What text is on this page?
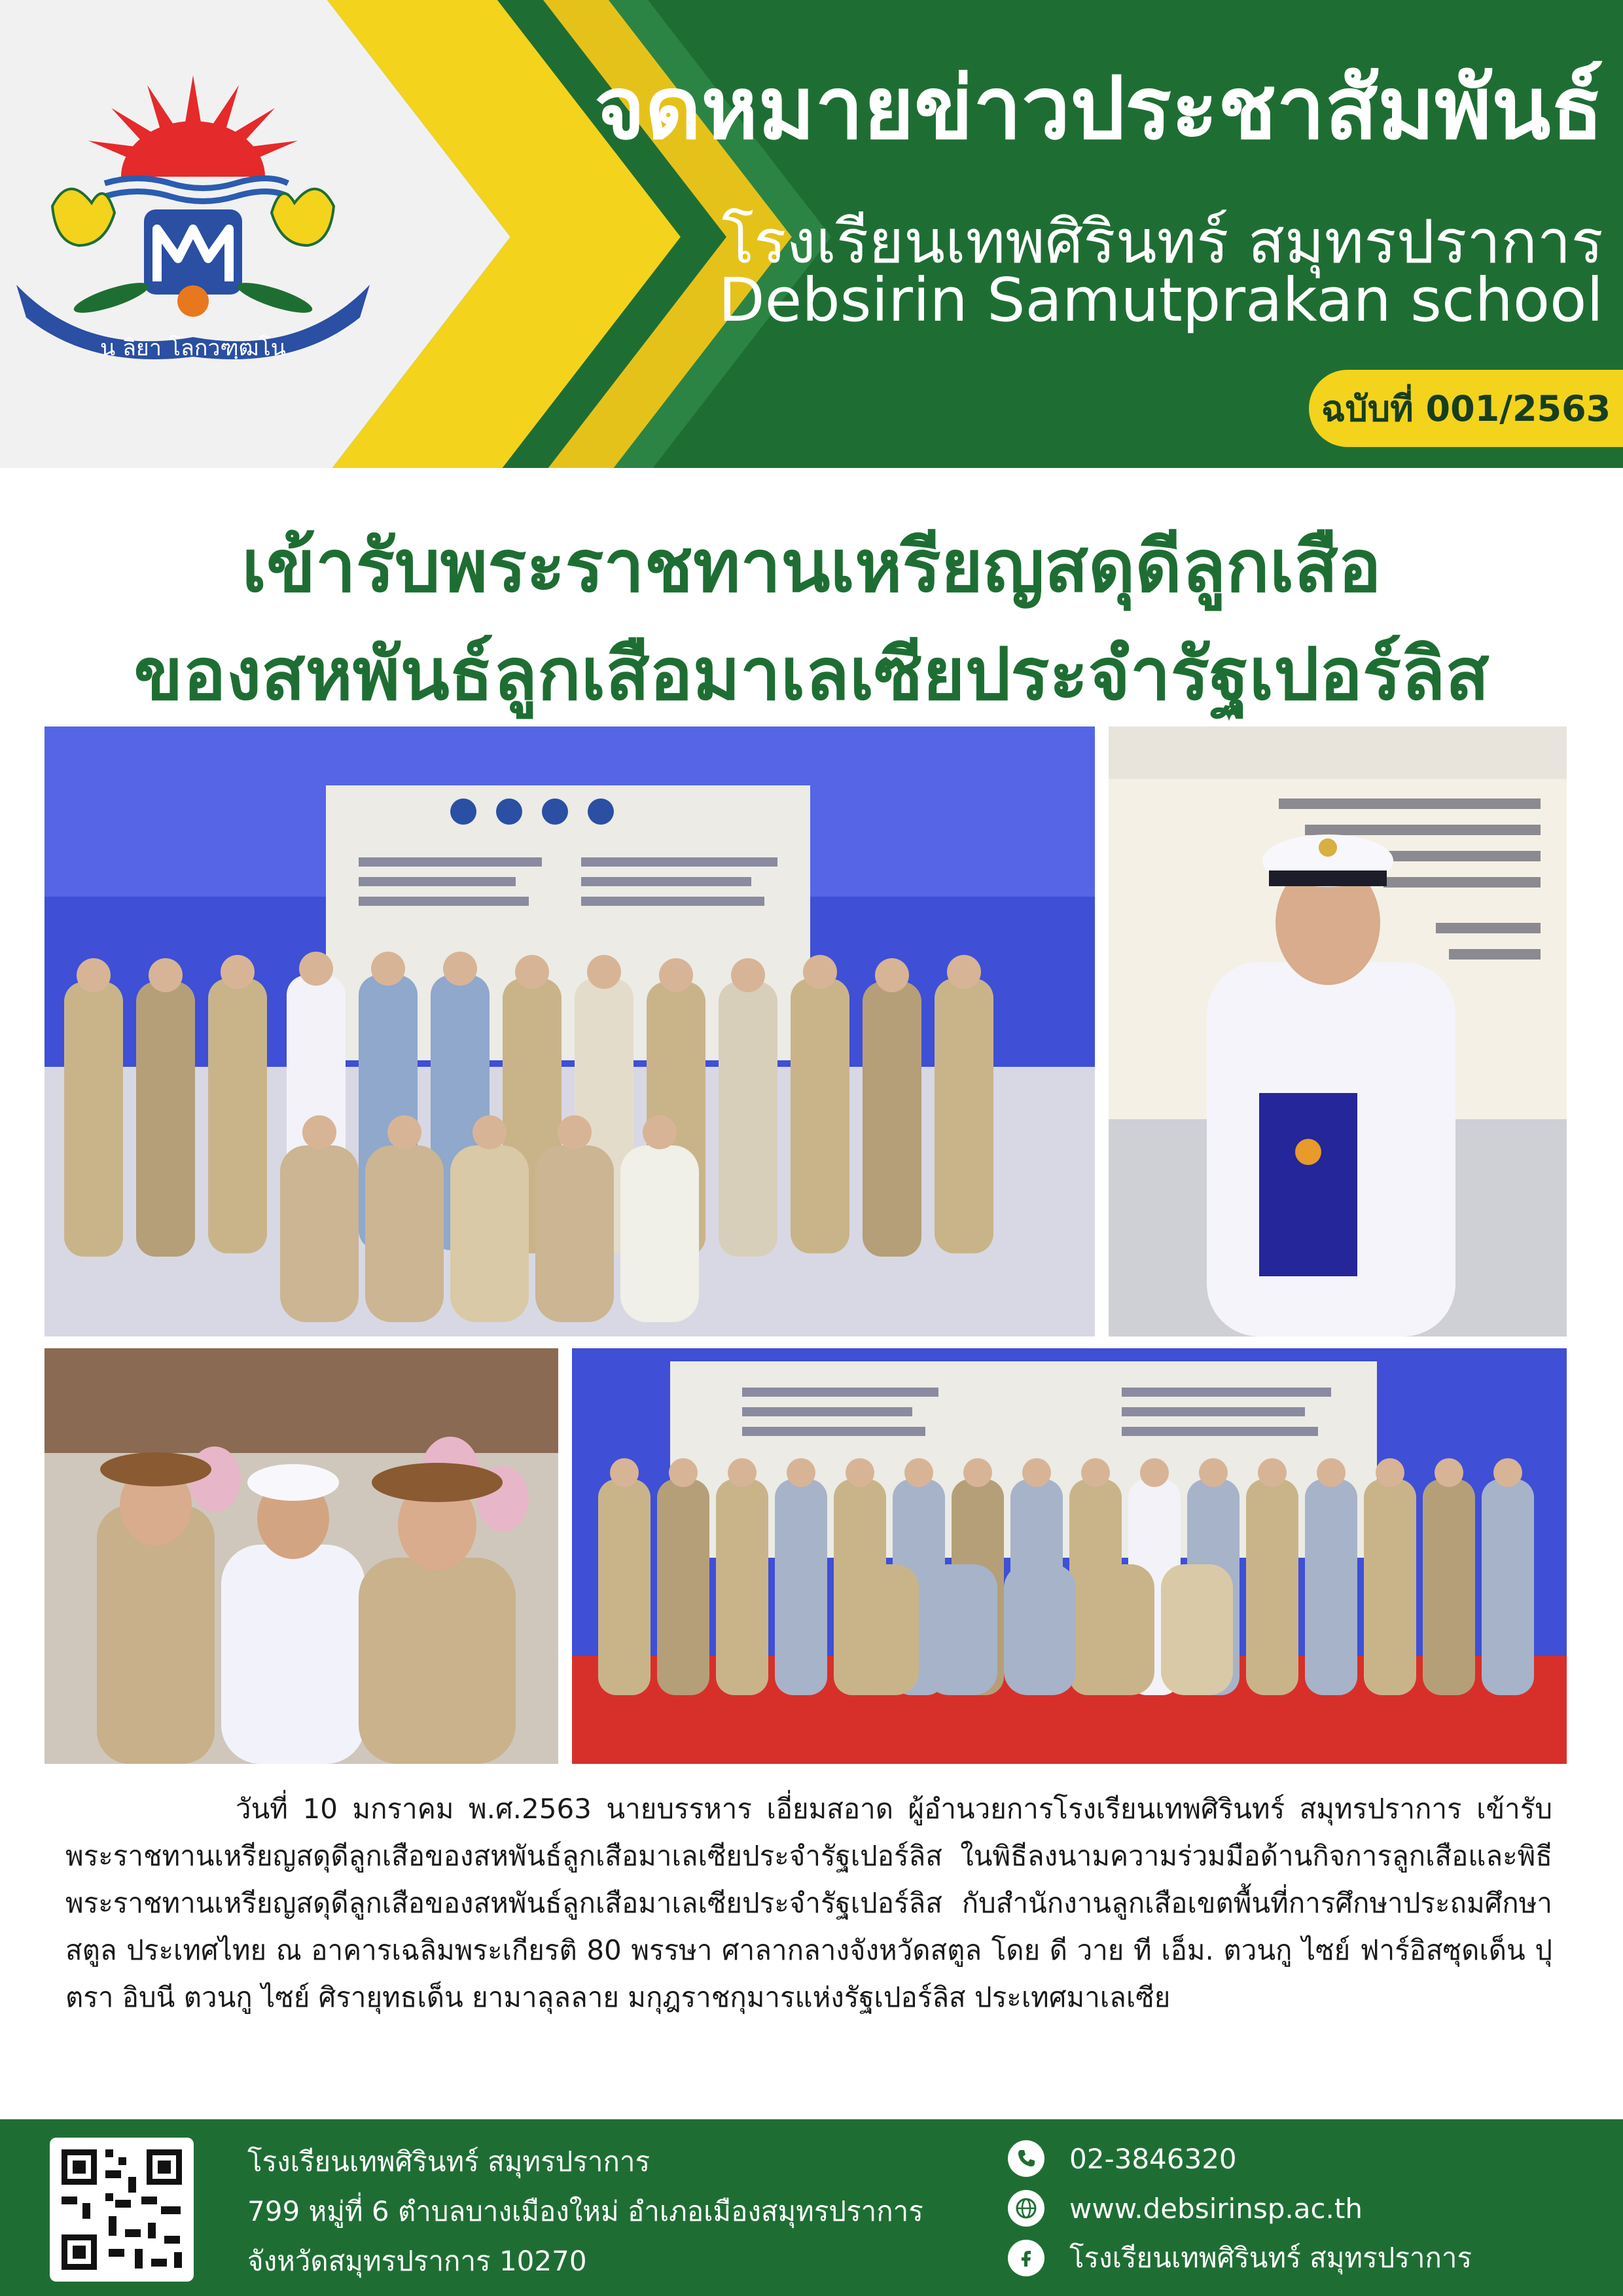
น ลิยา โลกวฑฺฒโน
จดหมายข่าวประชาสัมพันธ์
โรงเรียนเทพศิรินทร์ สมุทรปราการ
Debsirin Samutprakan school
ฉบับที่ 001/2563
เข้ารับพระราชทานเหรียญสดุดีลูกเสือ
ของสหพันธ์ลูกเสือมาเลเซียประจำรัฐเปอร์ลิส

วันที่ 10 มกราคม พ.ศ.2563 นายบรรหาร เอี่ยมสอาด ผู้อำนวยการโรงเรียนเทพศิรินทร์ สมุทรปราการ เข้ารับพระราชทานเหรียญสดุดีลูกเสือของสหพันธ์ลูกเสือมาเลเซียประจำรัฐเปอร์ลิส ในพิธีลงนามความร่วมมือด้านกิจการลูกเสือและพิธีพระราชทานเหรียญสดุดีลูกเสือของสหพันธ์ลูกเสือมาเลเซียประจำรัฐเปอร์ลิส กับสำนักงานลูกเสือเขตพื้นที่การศึกษาประถมศึกษาสตูล ประเทศไทย ณ อาคารเฉลิมพระเกียรติ 80 พรรษา ศาลากลางจังหวัดสตูล โดย ดี วาย ที เอ็ม. ตวนกู ไซย์ ฟาร์อิสซุดเด็น ปุตรา อิบนี ตวนกู ไซย์ ศิรายุทธเด็น ยามาลุลลาย มกุฎราชกุมารแห่งรัฐเปอร์ลิส ประเทศมาเลเซีย

โรงเรียนเทพศิรินทร์ สมุทรปราการ
799 หมู่ที่ 6 ตำบลบางเมืองใหม่ อำเภอเมืองสมุทรปราการ
จังหวัดสมุทรปราการ 10270
02-3846320
www.debsirinsp.ac.th
โรงเรียนเทพศิรินทร์ สมุทรปราการ
